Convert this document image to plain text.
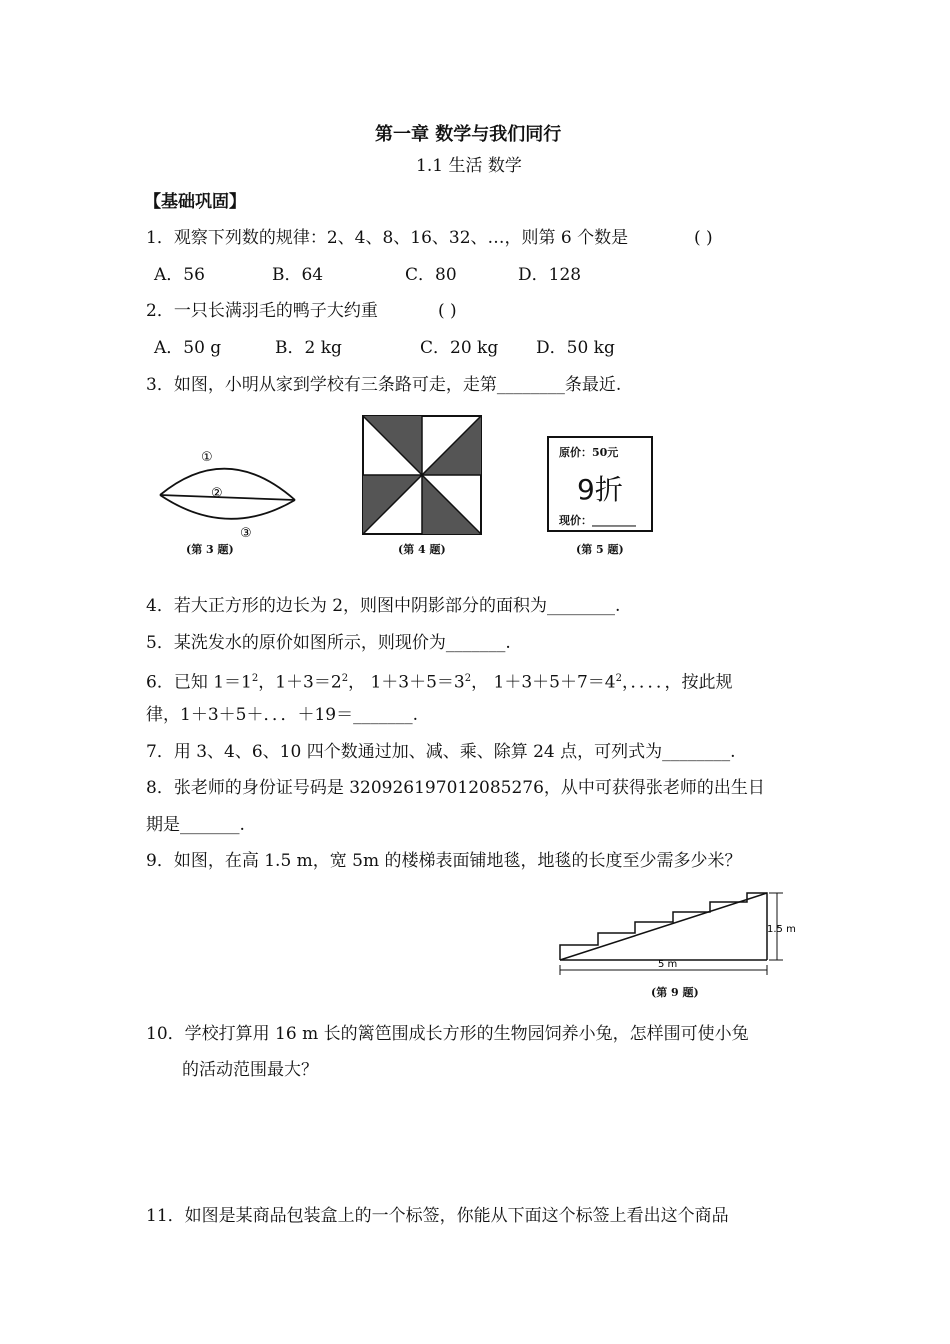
第一章 数学与我们同行
1.1 生活 数学
【基础巩固】
1．观察下列数的规律：2、4、8、16、32、…，则第 6 个数是	( )
A．56	B．64	C．80	D．128
2．一只长满羽毛的鸭子大约重	( )
A．50 g	B．2 kg	C．20 kg D．50 kg
3．如图，小明从家到学校有三条路可走，走第________条最近.
①
②
③
(第 3 题)	(第 4 题)
原价：50元
9折
现价：________
(第 5 题)
4．若大正方形的边长为 2，则图中阴影部分的面积为________.
5．某洗发水的原价如图所示，则现价为_______.
6．已知 $1=1^2$，$1+3=2^2$， $1+3+5=3^2$， $1+3+5+7=4^2$，．．．．，按此规
律，1＋3＋5＋．．．＋19＝_______.
7．用 3、4、6、10 四个数通过加、减、乘、除算 24 点，可列式为________.
8．张老师的身份证号码是 320926197012085276，从中可获得张老师的出生日
期是_______.
9．如图，在高 1.5 m，宽 5m 的楼梯表面铺地毯，地毯的长度至少需多少米？
1.5 m
5 m
(第 9 题)
10．学校打算用 16 m 长的篱笆围成长方形的生物园饲养小兔，怎样围可使小兔
的活动范围最大？
11．如图是某商品包装盒上的一个标签，你能从下面这个标签上看出这个商品
